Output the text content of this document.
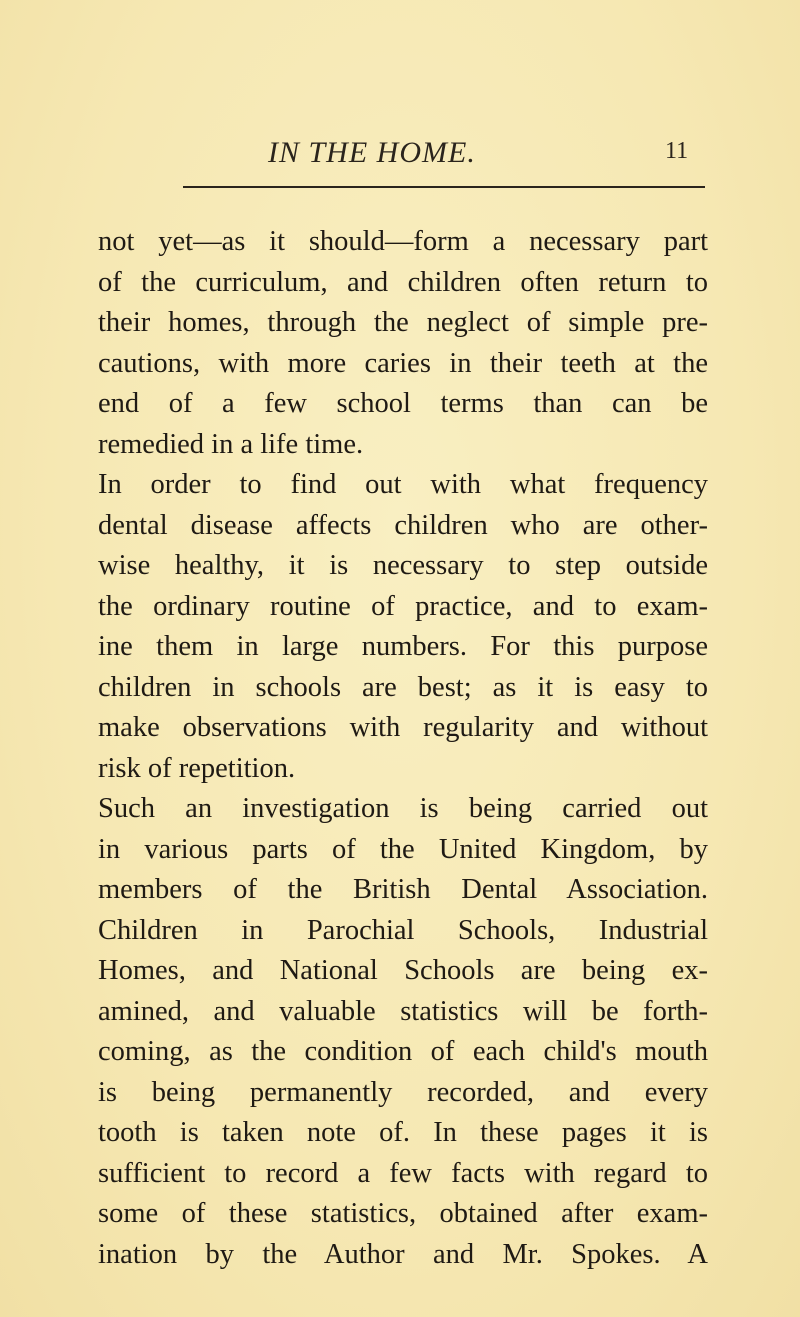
IN THE HOME.	11
not yet—as it should—form a necessary part
of the curriculum, and children often return to
their homes, through the neglect of simple pre-
cautions, with more caries in their teeth at the
end of a few school terms than can be
remedied in a life time.
In order to find out with what frequency
dental disease affects children who are other-
wise healthy, it is necessary to step outside
the ordinary routine of practice, and to exam-
ine them in large numbers. For this purpose
children in schools are best; as it is easy to
make observations with regularity and without
risk of repetition.
Such an investigation is being carried out
in various parts of the United Kingdom, by
members of the British Dental Association.
Children in Parochial Schools, Industrial
Homes, and National Schools are being ex-
amined, and valuable statistics will be forth-
coming, as the condition of each child's mouth
is being permanently recorded, and every
tooth is taken note of. In these pages it is
sufficient to record a few facts with regard to
some of these statistics, obtained after exam-
ination by the Author and Mr. Spokes. A
